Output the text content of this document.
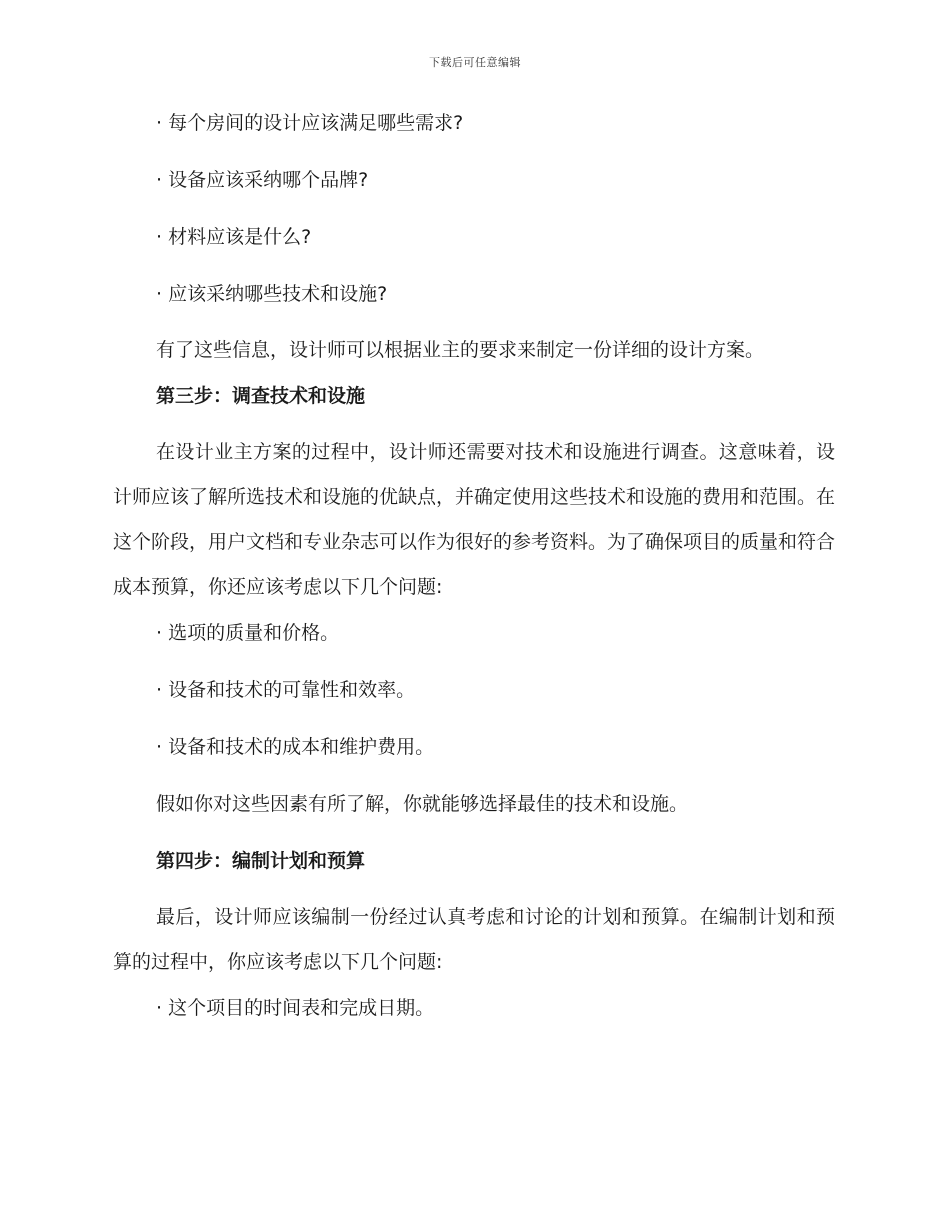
下载后可任意编辑
· 每个房间的设计应该满足哪些需求?
· 设备应该采纳哪个品牌?
· 材料应该是什么?
· 应该采纳哪些技术和设施?

有了这些信息，设计师可以根据业主的要求来制定一份详细的设计方案。

第三步：调查技术和设施

在设计业主方案的过程中，设计师还需要对技术和设施进行调查。这意味着，设计师应该了解所选技术和设施的优缺点，并确定使用这些技术和设施的费用和范围。在这个阶段，用户文档和专业杂志可以作为很好的参考资料。为了确保项目的质量和符合成本预算，你还应该考虑以下几个问题:

· 选项的质量和价格。
· 设备和技术的可靠性和效率。
· 设备和技术的成本和维护费用。
假如你对这些因素有所了解，你就能够选择最佳的技术和设施。
第四步：编制计划和预算

最后，设计师应该编制一份经过认真考虑和讨论的计划和预算。在编制计划和预算的过程中，你应该考虑以下几个问题:

· 这个项目的时间表和完成日期。
